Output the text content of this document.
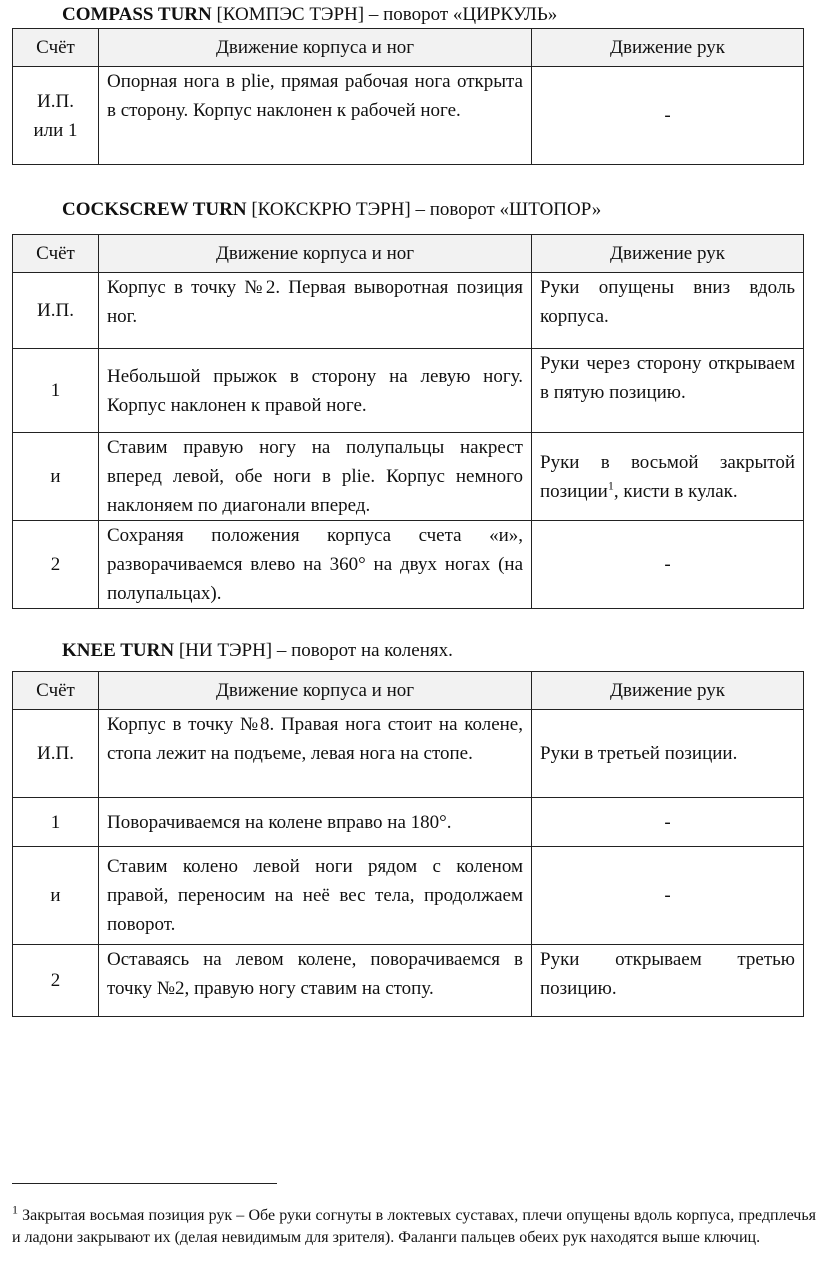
COMPASS TURN [КОМПЭС ТЭРН] – поворот «ЦИРКУЛЬ»
Счёт	Движение корпуса и ног	Движение рук

И.П. или 1	Опорная нога в plie, прямая рабочая нога открыта в сторону. Корпус наклонен к рабочей ноге.	-
COCKSCREW TURN [КОКСКРЮ ТЭРН] – поворот «ШТОПОР»
Счёт	Движение корпуса и ног	Движение рук
И.П.	Корпус в точку №2. Первая выворотная позиция ног.	Руки опущены вниз вдоль корпуса.
1	Небольшой прыжок в сторону на левую ногу. Корпус наклонен к правой ноге.	Руки через сторону открываем в пятую позицию.
и	Ставим правую ногу на полупальцы накрест вперед левой, обе ноги в plie. Корпус немного наклоняем по диагонали вперед.	Руки в восьмой закрытой позиции$^1$, кисти в кулак.
2	Сохраняя положения корпуса счета «и», разворачиваемся влево на 360° на двух ногах (на полупальцах).	-
KNEE TURN [НИ ТЭРН] – поворот на коленях.
Счёт	Движение корпуса и ног	Движение рук
И.П.	Корпус в точку №8. Правая нога стоит на колене, стопа лежит на подъеме, левая нога на стопе.	Руки в третьей позиции.
1	Поворачиваемся на колене вправо на 180°.	-
и	Ставим колено левой ноги рядом с коленом правой, переносим на неё вес тела, продолжаем поворот.	-
2	Оставаясь на левом колене, поворачиваемся в точку №2, правую ногу ставим на стопу.	Руки открываем третью позицию.
$^1$ Закрытая восьмая позиция рук – Обе руки согнуты в локтевых суставах, плечи опущены вдоль корпуса, предплечья и ладони закрывают их (делая невидимым для зрителя). Фаланги пальцев обеих рук находятся выше ключиц.
